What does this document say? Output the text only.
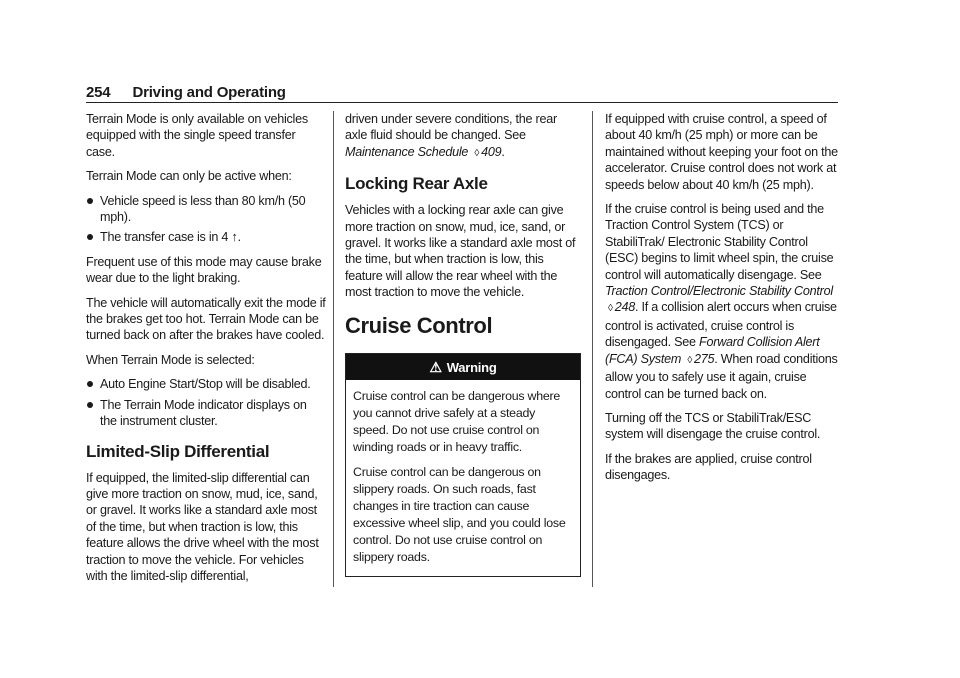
254 Driving and Operating

Terrain Mode is only available on vehicles equipped with the single speed transfer case.

Terrain Mode can only be active when:

Vehicle speed is less than 80 km/h (50 mph).
The transfer case is in 4 ↑.

Frequent use of this mode may cause brake wear due to the light braking.

The vehicle will automatically exit the mode if the brakes get too hot. Terrain Mode can be turned back on after the brakes have cooled.

When Terrain Mode is selected:

Auto Engine Start/Stop will be disabled.
The Terrain Mode indicator displays on the instrument cluster.
Limited-Slip Differential

If equipped, the limited-slip differential can give more traction on snow, mud, ice, sand, or gravel. It works like a standard axle most of the time, but when traction is low, this feature allows the drive wheel with the most traction to move the vehicle. For vehicles with the limited-slip differential,

driven under severe conditions, the rear axle fluid should be changed. See Maintenance Schedule ◊ 409.

Locking Rear Axle

Vehicles with a locking rear axle can give more traction on snow, mud, ice, sand, or gravel. It works like a standard axle most of the time, but when traction is low, this feature will allow the rear wheel with the most traction to move the vehicle.

Cruise Control
⚠ Warning

Cruise control can be dangerous where you cannot drive safely at a steady speed. Do not use cruise control on winding roads or in heavy traffic.

Cruise control can be dangerous on slippery roads. On such roads, fast changes in tire traction can cause excessive wheel slip, and you could lose control. Do not use cruise control on slippery roads.

If equipped with cruise control, a speed of about 40 km/h (25 mph) or more can be maintained without keeping your foot on the accelerator. Cruise control does not work at speeds below about 40 km/h (25 mph).

If the cruise control is being used and the Traction Control System (TCS) or StabiliTrak/ Electronic Stability Control (ESC) begins to limit wheel spin, the cruise control will automatically disengage. See Traction Control/Electronic Stability Control ◊ 248. If a collision alert occurs when cruise control is activated, cruise control is disengaged. See Forward Collision Alert (FCA) System ◊ 275. When road conditions allow you to safely use it again, cruise control can be turned back on.

Turning off the TCS or StabiliTrak/ESC system will disengage the cruise control.

If the brakes are applied, cruise control disengages.
